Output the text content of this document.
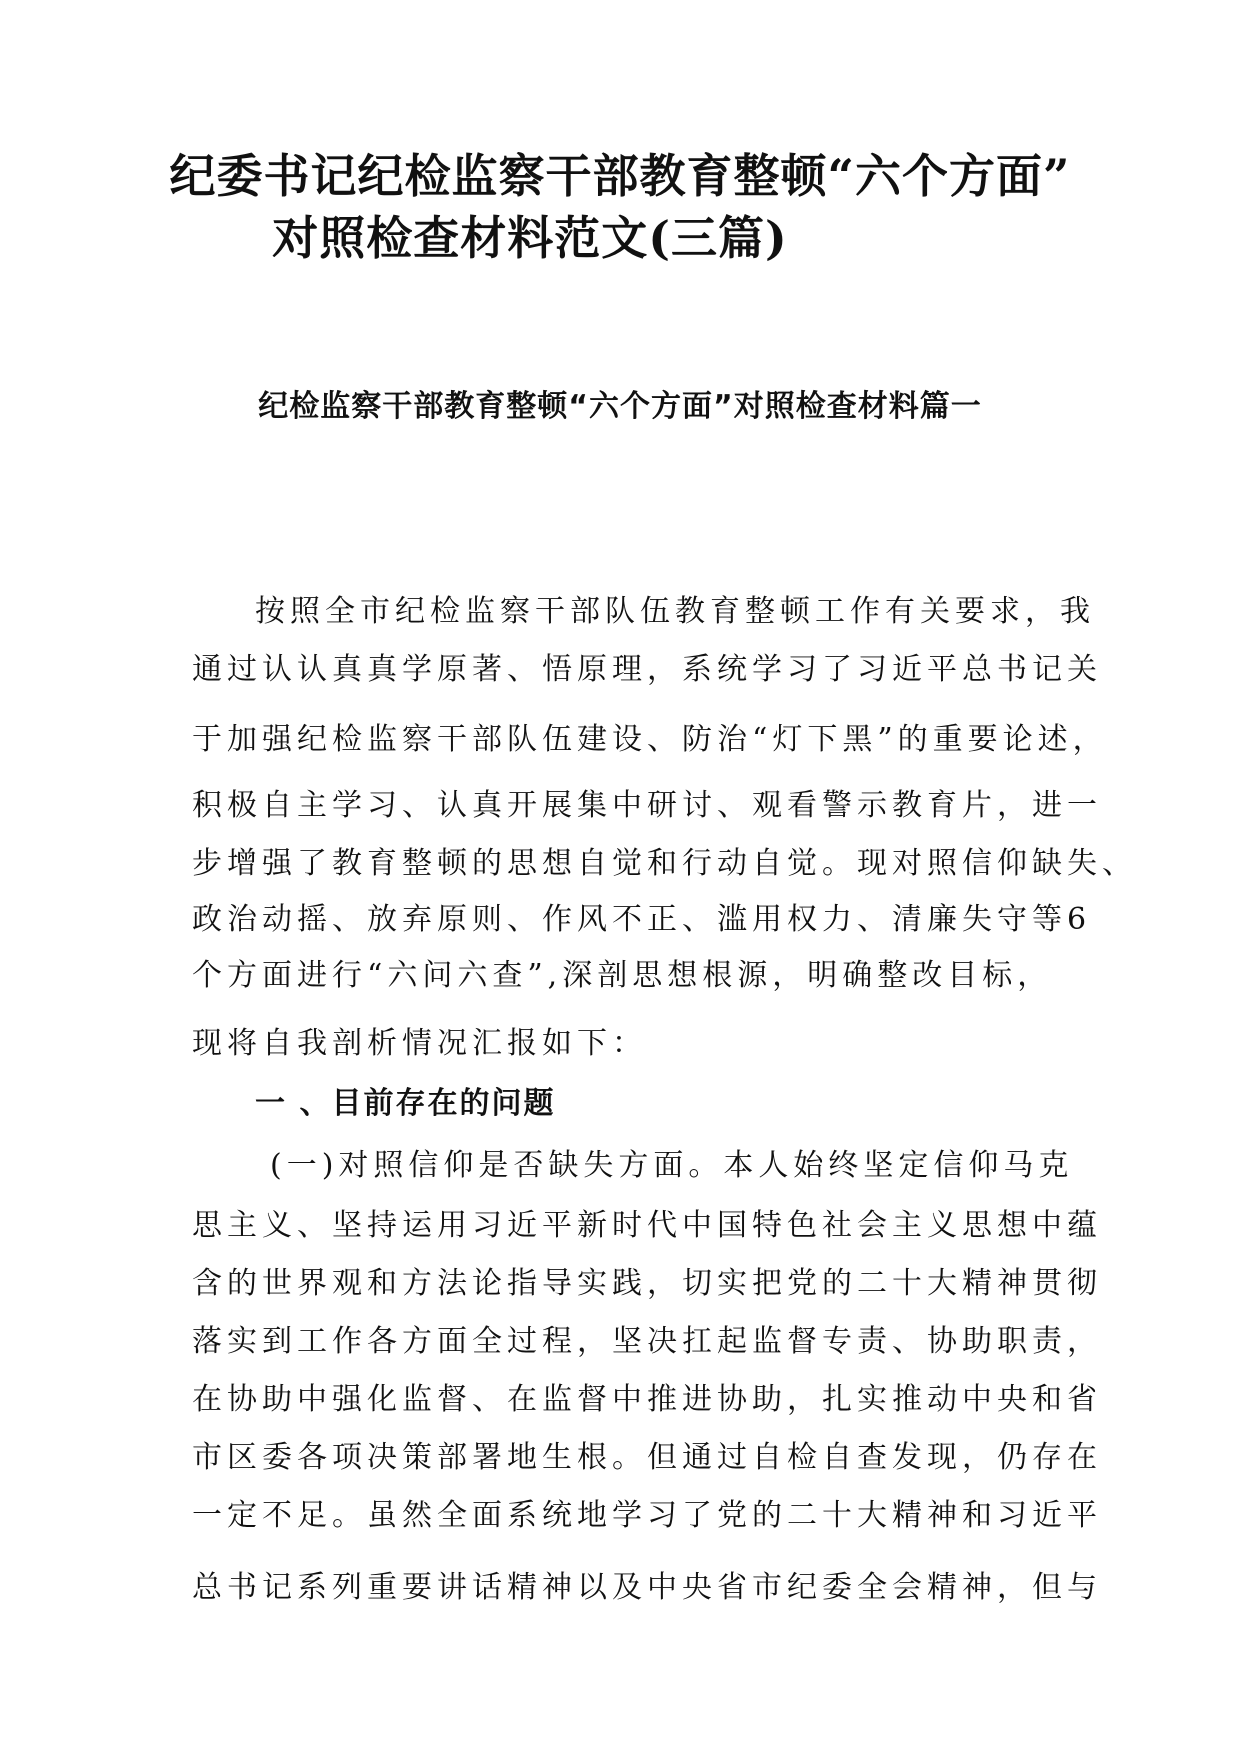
纪委书记纪检监察干部教育整顿“六个方面”
对照检查材料范文(三篇)
纪检监察干部教育整顿“六个方面”对照检查材料篇一
按照全市纪检监察干部队伍教育整顿工作有关要求，我
通过认认真真学原著、悟原理，系统学习了习近平总书记关
于加强纪检监察干部队伍建设、防治“灯下黑”的重要论述，
积极自主学习、认真开展集中研讨、观看警示教育片，进一
步增强了教育整顿的思想自觉和行动自觉。现对照信仰缺失、
政治动摇、放弃原则、作风不正、滥用权力、清廉失守等6
个方面进行“六问六查”,深剖思想根源，明确整改目标，
现将自我剖析情况汇报如下：
一 、目前存在的问题
(一)对照信仰是否缺失方面。本人始终坚定信仰马克
思主义、坚持运用习近平新时代中国特色社会主义思想中蕴
含的世界观和方法论指导实践，切实把党的二十大精神贯彻
落实到工作各方面全过程，坚决扛起监督专责、协助职责，
在协助中强化监督、在监督中推进协助，扎实推动中央和省
市区委各项决策部署地生根。但通过自检自查发现，仍存在
一定不足。虽然全面系统地学习了党的二十大精神和习近平
总书记系列重要讲话精神以及中央省市纪委全会精神，但与
